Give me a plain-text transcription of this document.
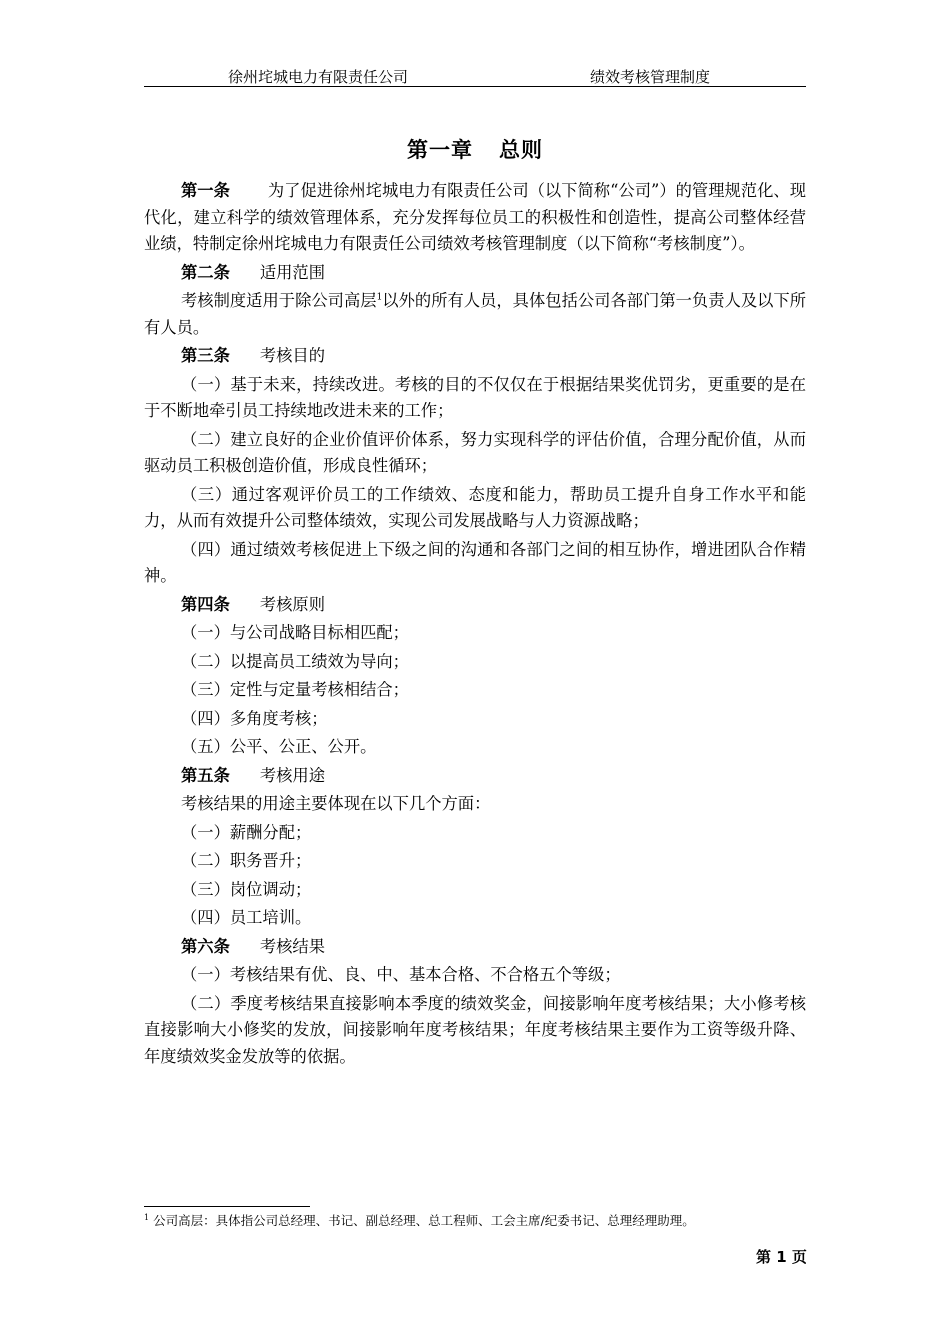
徐州垞城电力有限责任公司	绩效考核管理制度
第一章 总则

第一条 为了促进徐州垞城电力有限责任公司（以下简称“公司”）的管理规范化、现代化，建立科学的绩效管理体系，充分发挥每位员工的积极性和创造性，提高公司整体经营业绩，特制定徐州垞城电力有限责任公司绩效考核管理制度（以下简称“考核制度”）。

第二条 适用范围

考核制度适用于除公司高层$^1$以外的所有人员，具体包括公司各部门第一负责人及以下所有人员。

第三条 考核目的

（一）基于未来，持续改进。考核的目的不仅仅在于根据结果奖优罚劣，更重要的是在于不断地牵引员工持续地改进未来的工作；

（二）建立良好的企业价值评价体系，努力实现科学的评估价值，合理分配价值，从而驱动员工积极创造价值，形成良性循环；

（三）通过客观评价员工的工作绩效、态度和能力，帮助员工提升自身工作水平和能力，从而有效提升公司整体绩效，实现公司发展战略与人力资源战略；

（四）通过绩效考核促进上下级之间的沟通和各部门之间的相互协作，增进团队合作精神。

第四条 考核原则

（一）与公司战略目标相匹配；

（二）以提高员工绩效为导向；

（三）定性与定量考核相结合；

（四）多角度考核；

（五）公平、公正、公开。

第五条 考核用途

考核结果的用途主要体现在以下几个方面：

（一）薪酬分配；

（二）职务晋升；

（三）岗位调动；

（四）员工培训。

第六条 考核结果

（一）考核结果有优、良、中、基本合格、不合格五个等级；

（二）季度考核结果直接影响本季度的绩效奖金，间接影响年度考核结果；大小修考核直接影响大小修奖的发放，间接影响年度考核结果；年度考核结果主要作为工资等级升降、年度绩效奖金发放等的依据。

$^1$ 公司高层：具体指公司总经理、书记、副总经理、总工程师、工会主席/纪委书记、总理经理助理。
第 1 页
